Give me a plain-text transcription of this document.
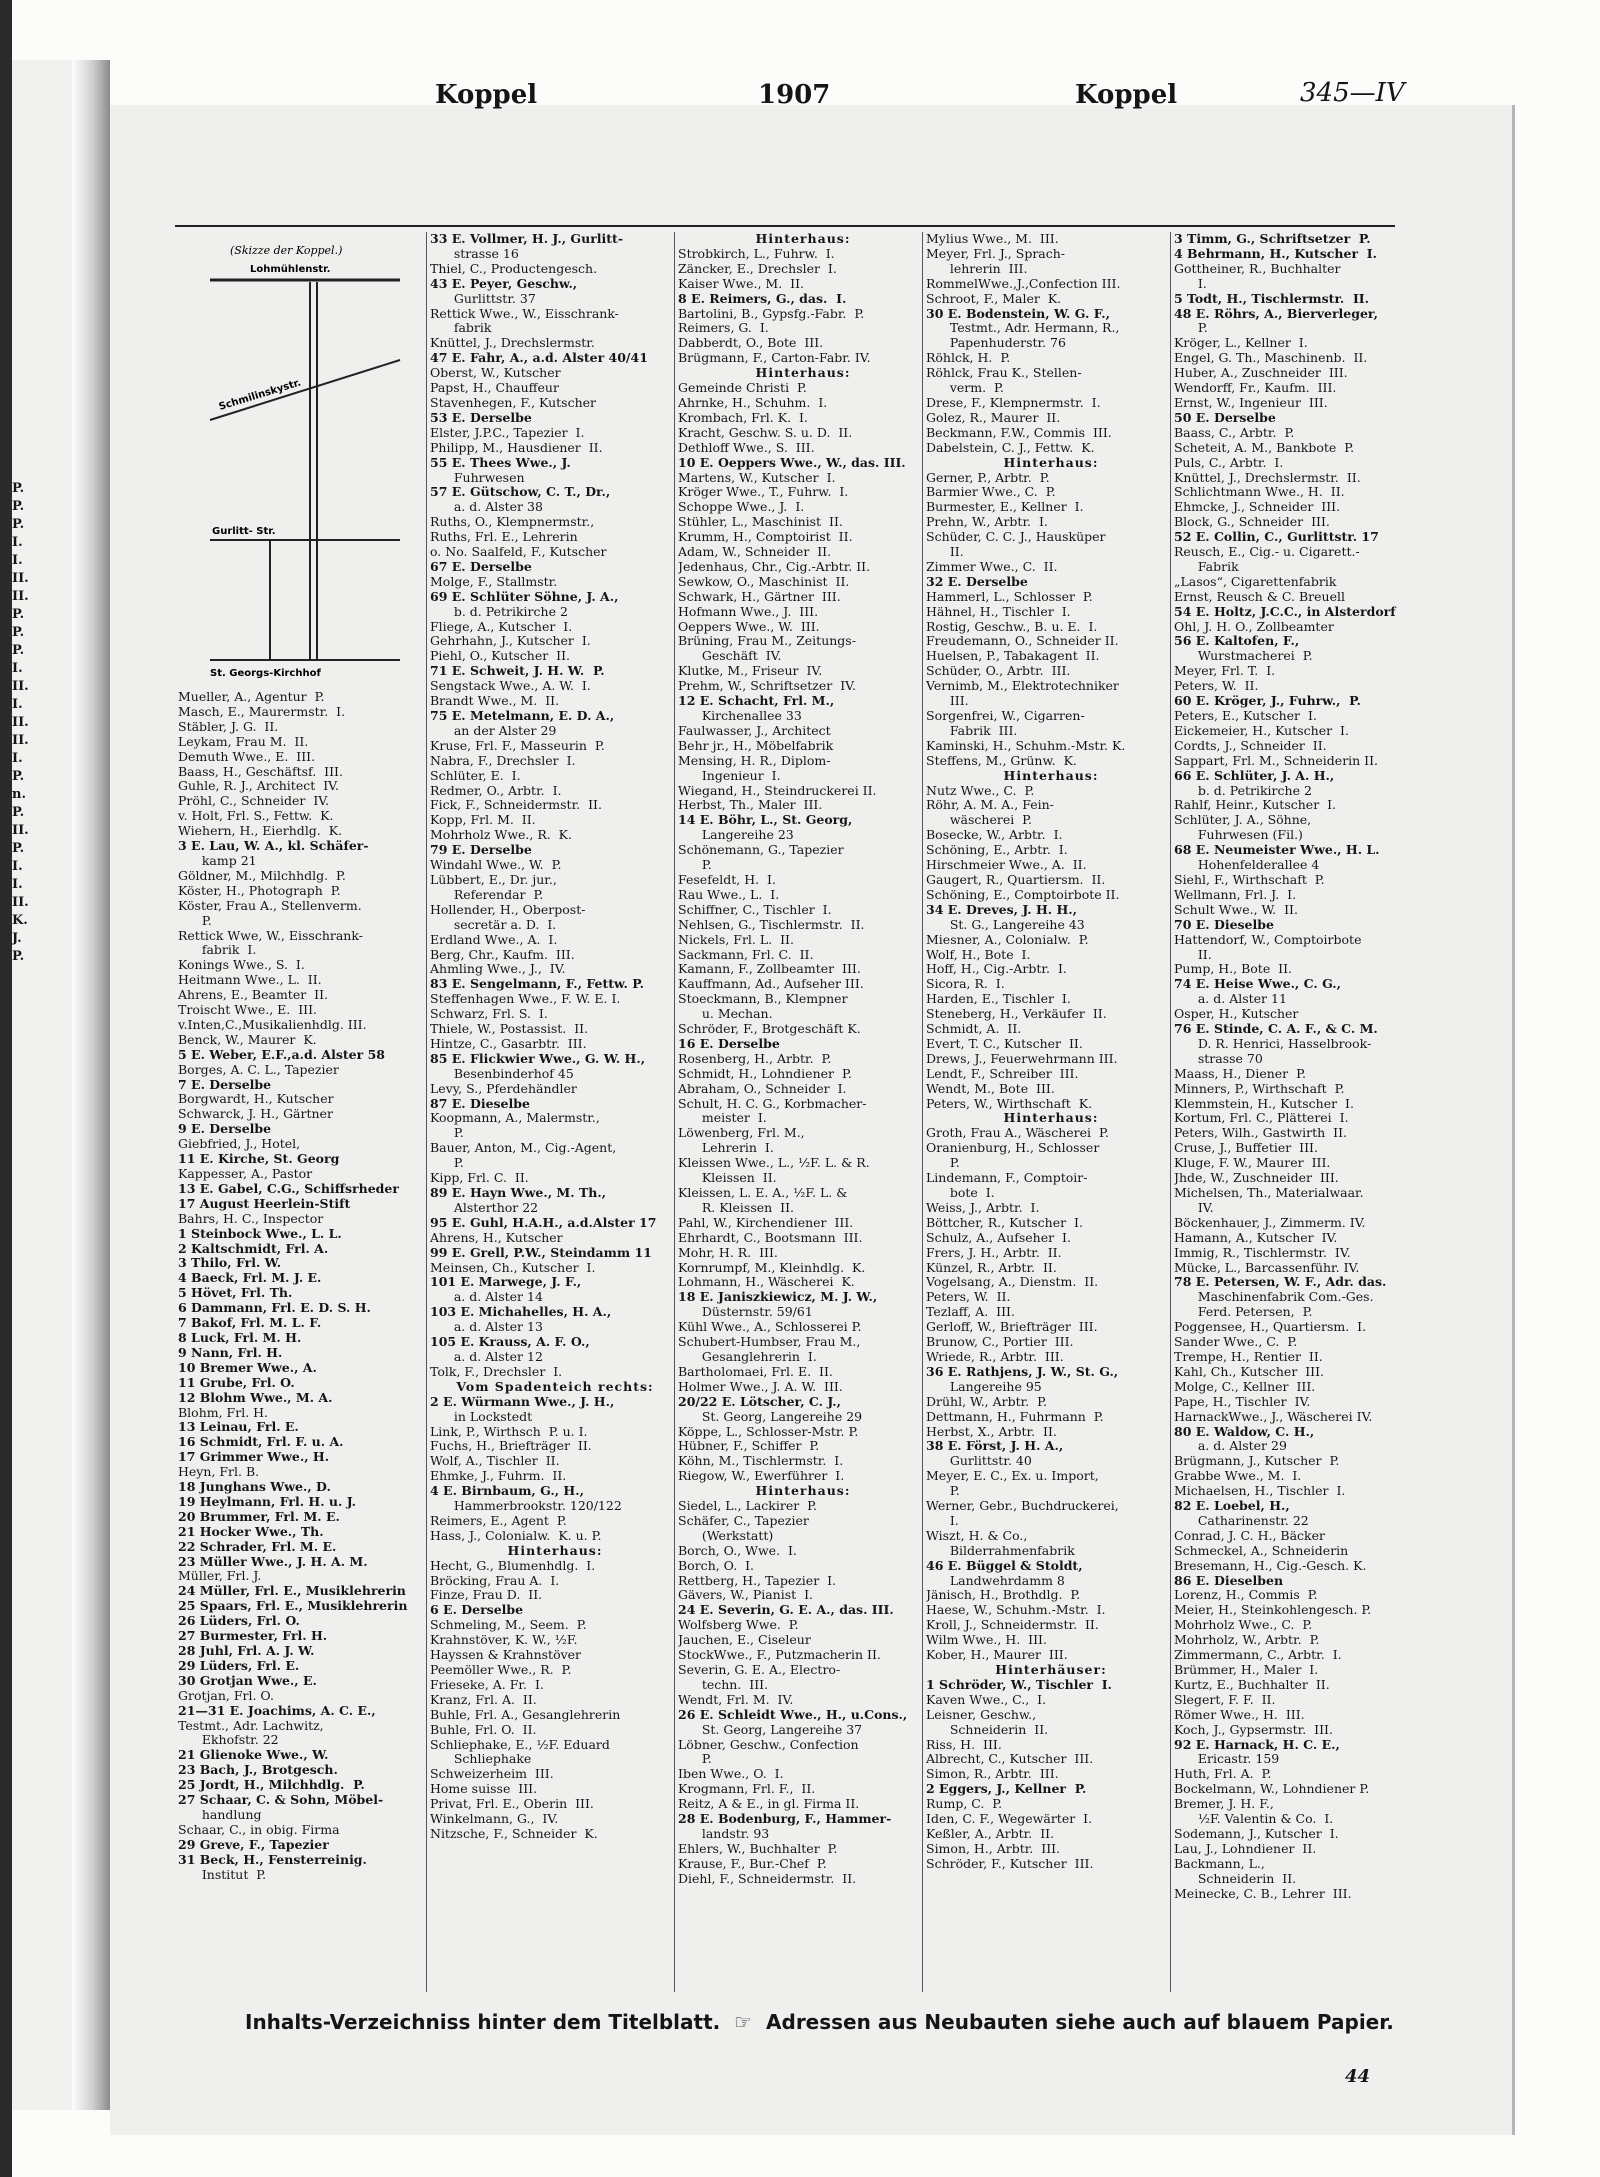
P.
P.
P.
I.
I.
II.
II.
P.
P.
P.
I.
II.
I.
II.
II.
I.
P.
n.
P.
II.
P.
I.
I.
II.
K.
J.
P.
Koppel	1907	Koppel	345—IV
(Skizze der Koppel.)
Lohmühlenstr.
Schmilinskystr.
Gurlitt- Str.
St. Georgs-Kirchhof
Mueller, A., Agentur  P.
Masch, E., Maurermstr.  I.
Stäbler, J. G.  II.
Leykam, Frau M.  II.
Demuth Wwe., E.  III.
Baass, H., Geschäftsf.  III.
Guhle, R. J., Architect  IV.
Pröhl, C., Schneider  IV.
v. Holt, Frl. S., Fettw.  K.
Wiehern, H., Eierhdlg.  K.
3 E. Lau, W. A., kl. Schäfer-
kamp 21
Göldner, M., Milchhdlg.  P.
Köster, H., Photograph  P.
Köster, Frau A., Stellenverm.
P.
Rettick Wwe, W., Eisschrank-
fabrik  I.
Konings Wwe., S.  I.
Heitmann Wwe., L.  II.
Ahrens, E., Beamter  II.
Troischt Wwe., E.  III.
v.Inten,C.,Musikalienhdlg. III.
Benck, W., Maurer  K.
5 E. Weber, E.F.,a.d. Alster 58
Borges, A. C. L., Tapezier
7 E. Derselbe
Borgwardt, H., Kutscher
Schwarck, J. H., Gärtner
9 E. Derselbe
Giebfried, J., Hotel,
11 E. Kirche, St. Georg
Kappesser, A., Pastor
13 E. Gabel, C.G., Schiffsrheder
17 August Heerlein-Stift
Bahrs, H. C., Inspector
1 Steinbock Wwe., L. L.
2 Kaltschmidt, Frl. A.
3 Thilo, Frl. W.
4 Baeck, Frl. M. J. E.
5 Hövet, Frl. Th.
6 Dammann, Frl. E. D. S. H.
7 Bakof, Frl. M. L. F.
8 Luck, Frl. M. H.
9 Nann, Frl. H.
10 Bremer Wwe., A.
11 Grube, Frl. O.
12 Blohm Wwe., M. A.
Blohm, Frl. H.
13 Leinau, Frl. E.
16 Schmidt, Frl. F. u. A.
17 Grimmer Wwe., H.
Heyn, Frl. B.
18 Junghans Wwe., D.
19 Heylmann, Frl. H. u. J.
20 Brummer, Frl. M. E.
21 Hocker Wwe., Th.
22 Schrader, Frl. M. E.
23 Müller Wwe., J. H. A. M.
Müller, Frl. J.
24 Müller, Frl. E., Musiklehrerin
25 Spaars, Frl. E., Musiklehrerin
26 Lüders, Frl. O.
27 Burmester, Frl. H.
28 Juhl, Frl. A. J. W.
29 Lüders, Frl. E.
30 Grotjan Wwe., E.
Grotjan, Frl. O.
21—31 E. Joachims, A. C. E.,
Testmt., Adr. Lachwitz,
Ekhofstr. 22
21 Glienoke Wwe., W.
23 Bach, J., Brotgesch.
25 Jordt, H., Milchhdlg.  P.
27 Schaar, C. & Sohn, Möbel-
handlung
Schaar, C., in obig. Firma
29 Greve, F., Tapezier
31 Beck, H., Fensterreinig.
Institut  P.
33 E. Vollmer, H. J., Gurlitt-
strasse 16
Thiel, C., Productengesch.
43 E. Peyer, Geschw.,
Gurlittstr. 37
Rettick Wwe., W., Eisschrank-
fabrik
Knüttel, J., Drechslermstr.
47 E. Fahr, A., a.d. Alster 40/41
Oberst, W., Kutscher
Papst, H., Chauffeur
Stavenhegen, F., Kutscher
53 E. Derselbe
Elster, J.P.C., Tapezier  I.
Philipp, M., Hausdiener  II.
55 E. Thees Wwe., J.
Fuhrwesen
57 E. Gütschow, C. T., Dr.,
a. d. Alster 38
Ruths, O., Klempnermstr.,
Ruths, Frl. E., Lehrerin
o. No. Saalfeld, F., Kutscher
67 E. Derselbe
Molge, F., Stallmstr.
69 E. Schlüter Söhne, J. A.,
b. d. Petrikirche 2
Fliege, A., Kutscher  I.
Gehrhahn, J., Kutscher  I.
Piehl, O., Kutscher  II.
71 E. Schweit, J. H. W.  P.
Sengstack Wwe., A. W.  I.
Brandt Wwe., M.  II.
75 E. Metelmann, E. D. A.,
an der Alster 29
Kruse, Frl. F., Masseurin  P.
Nabra, F., Drechsler  I.
Schlüter, E.  I.
Redmer, O., Arbtr.  I.
Fick, F., Schneidermstr.  II.
Kopp, Frl. M.  II.
Mohrholz Wwe., R.  K.
79 E. Derselbe
Windahl Wwe., W.  P.
Lübbert, E., Dr. jur.,
Referendar  P.
Hollender, H., Oberpost-
secretär a. D.  I.
Erdland Wwe., A.  I.
Berg, Chr., Kaufm.  III.
Ahmling Wwe., J.,  IV.
83 E. Sengelmann, F., Fettw. P.
Steffenhagen Wwe., F. W. E. I.
Schwarz, Frl. S.  I.
Thiele, W., Postassist.  II.
Hintze, C., Gasarbtr.  III.
85 E. Flickwier Wwe., G. W. H.,
Besenbinderhof 45
Levy, S., Pferdehändler
87 E. Dieselbe
Koopmann, A., Malermstr.,
P.
Bauer, Anton, M., Cig.-Agent,
P.
Kipp, Frl. C.  II.
89 E. Hayn Wwe., M. Th.,
Alsterthor 22
95 E. Guhl, H.A.H., a.d.Alster 17
Ahrens, H., Kutscher
99 E. Grell, P.W., Steindamm 11
Meinsen, Ch., Kutscher  I.
101 E. Marwege, J. F.,
a. d. Alster 14
103 E. Michahelles, H. A.,
a. d. Alster 13
105 E. Krauss, A. F. O.,
a. d. Alster 12
Tolk, F., Drechsler  I.
Vom Spadenteich rechts:
2 E. Würmann Wwe., J. H.,
in Lockstedt
Link, P., Wirthsch  P. u. I.
Fuchs, H., Briefträger  II.
Wolf, A., Tischler  II.
Ehmke, J., Fuhrm.  II.
4 E. Birnbaum, G., H.,
Hammerbrookstr. 120/122
Reimers, E., Agent  P.
Hass, J., Colonialw.  K. u. P.
Hinterhaus:
Hecht, G., Blumenhdlg.  I.
Bröcking, Frau A.  I.
Finze, Frau D.  II.
6 E. Derselbe
Schmeling, M., Seem.  P.
Krahnstöver, K. W., ½F.
Hayssen & Krahnstöver
Peemöller Wwe., R.  P.
Frieseke, A. Fr.  I.
Kranz, Frl. A.  II.
Buhle, Frl. A., Gesanglehrerin
Buhle, Frl. O.  II.
Schliephake, E., ½F. Eduard
Schliephake
Schweizerheim  III.
Home suisse  III.
Privat, Frl. E., Oberin  III.
Winkelmann, G.,  IV.
Nitzsche, F., Schneider  K.
Hinterhaus:
Strobkirch, L., Fuhrw.  I.
Zäncker, E., Drechsler  I.
Kaiser Wwe., M.  II.
8 E. Reimers, G., das.  I.
Bartolini, B., Gypsfg.-Fabr.  P.
Reimers, G.  I.
Dabberdt, O., Bote  III.
Brügmann, F., Carton-Fabr. IV.
Hinterhaus:
Gemeinde Christi  P.
Ahrnke, H., Schuhm.  I.
Krombach, Frl. K.  I.
Kracht, Geschw. S. u. D.  II.
Dethloff Wwe., S.  III.
10 E. Oeppers Wwe., W., das. III.
Martens, W., Kutscher  I.
Kröger Wwe., T., Fuhrw.  I.
Schoppe Wwe., J.  I.
Stühler, L., Maschinist  II.
Krumm, H., Comptoirist  II.
Adam, W., Schneider  II.
Jedenhaus, Chr., Cig.-Arbtr. II.
Sewkow, O., Maschinist  II.
Schwark, H., Gärtner  III.
Hofmann Wwe., J.  III.
Oeppers Wwe., W.  III.
Brüning, Frau M., Zeitungs-
Geschäft  IV.
Klutke, M., Friseur  IV.
Prehm, W., Schriftsetzer  IV.
12 E. Schacht, Frl. M.,
Kirchenallee 33
Faulwasser, J., Architect
Behr jr., H., Möbelfabrik
Mensing, H. R., Diplom-
Ingenieur  I.
Wiegand, H., Steindruckerei II.
Herbst, Th., Maler  III.
14 E. Böhr, L., St. Georg,
Langereihe 23
Schönemann, G., Tapezier
P.
Fesefeldt, H.  I.
Rau Wwe., L.  I.
Schiffner, C., Tischler  I.
Nehlsen, G., Tischlermstr.  II.
Nickels, Frl. L.  II.
Sackmann, Frl. C.  II.
Kamann, F., Zollbeamter  III.
Kauffmann, Ad., Aufseher III.
Stoeckmann, B., Klempner
u. Mechan.
Schröder, F., Brotgeschäft K.
16 E. Derselbe
Rosenberg, H., Arbtr.  P.
Schmidt, H., Lohndiener  P.
Abraham, O., Schneider  I.
Schult, H. C. G., Korbmacher-
meister  I.
Löwenberg, Frl. M.,
Lehrerin  I.
Kleissen Wwe., L., ½F. L. & R.
Kleissen  II.
Kleissen, L. E. A., ½F. L. &
R. Kleissen  II.
Pahl, W., Kirchendiener  III.
Ehrhardt, C., Bootsmann  III.
Mohr, H. R.  III.
Kornrumpf, M., Kleinhdlg.  K.
Lohmann, H., Wäscherei  K.
18 E. Janiszkiewicz, M. J. W.,
Düsternstr. 59/61
Kühl Wwe., A., Schlosserei P.
Schubert-Humbser, Frau M.,
Gesanglehrerin  I.
Bartholomaei, Frl. E.  II.
Holmer Wwe., J. A. W.  III.
20/22 E. Lötscher, C. J.,
St. Georg, Langereihe 29
Köppe, L., Schlosser-Mstr. P.
Hübner, F., Schiffer  P.
Köhn, M., Tischlermstr.  I.
Riegow, W., Ewerführer  I.
Hinterhaus:
Siedel, L., Lackirer  P.
Schäfer, C., Tapezier
(Werkstatt)
Borch, O., Wwe.  I.
Borch, O.  I.
Rettberg, H., Tapezier  I.
Gävers, W., Pianist  I.
24 E. Severin, G. E. A., das. III.
Wolfsberg Wwe.  P.
Jauchen, E., Ciseleur
StockWwe., F., Putzmacherin II.
Severin, G. E. A., Electro-
techn.  III.
Wendt, Frl. M.  IV.
26 E. Schleidt Wwe., H., u.Cons.,
St. Georg, Langereihe 37
Löbner, Geschw., Confection
P.
Iben Wwe., O.  I.
Krogmann, Frl. F.,  II.
Reitz, A & E., in gl. Firma II.
28 E. Bodenburg, F., Hammer-
landstr. 93
Ehlers, W., Buchhalter  P.
Krause, F., Bur.-Chef  P.
Diehl, F., Schneidermstr.  II.
Mylius Wwe., M.  III.
Meyer, Frl. J., Sprach-
lehrerin  III.
RommelWwe.,J.,Confection III.
Schroot, F., Maler  K.
30 E. Bodenstein, W. G. F.,
Testmt., Adr. Hermann, R.,
Papenhuderstr. 76
Röhlck, H.  P.
Röhlck, Frau K., Stellen-
verm.  P.
Drese, F., Klempnermstr.  I.
Golez, R., Maurer  II.
Beckmann, F.W., Commis  III.
Dabelstein, C. J., Fettw.  K.
Hinterhaus:
Gerner, P., Arbtr.  P.
Barmier Wwe., C.  P.
Burmester, E., Kellner  I.
Prehn, W., Arbtr.  I.
Schüder, C. C. J., Hausküper
II.
Zimmer Wwe., C.  II.
32 E. Derselbe
Hammerl, L., Schlosser  P.
Hähnel, H., Tischler  I.
Rostig, Geschw., B. u. E.  I.
Freudemann, O., Schneider II.
Huelsen, P., Tabakagent  II.
Schüder, O., Arbtr.  III.
Vernimb, M., Elektrotechniker
III.
Sorgenfrei, W., Cigarren-
Fabrik  III.
Kaminski, H., Schuhm.-Mstr. K.
Steffens, M., Grünw.  K.
Hinterhaus:
Nutz Wwe., C.  P.
Röhr, A. M. A., Fein-
wäscherei  P.
Bosecke, W., Arbtr.  I.
Schöning, E., Arbtr.  I.
Hirschmeier Wwe., A.  II.
Gaugert, R., Quartiersm.  II.
Schöning, E., Comptoirbote II.
34 E. Dreves, J. H. H.,
St. G., Langereihe 43
Miesner, A., Colonialw.  P.
Wolf, H., Bote  I.
Hoff, H., Cig.-Arbtr.  I.
Sicora, R.  I.
Harden, E., Tischler  I.
Steneberg, H., Verkäufer  II.
Schmidt, A.  II.
Evert, T. C., Kutscher  II.
Drews, J., Feuerwehrmann III.
Lendt, F., Schreiber  III.
Wendt, M., Bote  III.
Peters, W., Wirthschaft  K.
Hinterhaus:
Groth, Frau A., Wäscherei  P.
Oranienburg, H., Schlosser
P.
Lindemann, F., Comptoir-
bote  I.
Weiss, J., Arbtr.  I.
Böttcher, R., Kutscher  I.
Schulz, A., Aufseher  I.
Frers, J. H., Arbtr.  II.
Künzel, R., Arbtr.  II.
Vogelsang, A., Dienstm.  II.
Peters, W.  II.
Tezlaff, A.  III.
Gerloff, W., Briefträger  III.
Brunow, C., Portier  III.
Wriede, R., Arbtr.  III.
36 E. Rathjens, J. W., St. G.,
Langereihe 95
Drühl, W., Arbtr.  P.
Dettmann, H., Fuhrmann  P.
Herbst, X., Arbtr.  II.
38 E. Först, J. H. A.,
Gurlittstr. 40
Meyer, E. C., Ex. u. Import,
P.
Werner, Gebr., Buchdruckerei,
I.
Wiszt, H. & Co.,
Bilderrahmenfabrik
46 E. Büggel & Stoldt,
Landwehrdamm 8
Jänisch, H., Brothdlg.  P.
Haese, W., Schuhm.-Mstr.  I.
Kroll, J., Schneidermstr.  II.
Wilm Wwe., H.  III.
Kober, H., Maurer  III.
Hinterhäuser:
1 Schröder, W., Tischler  I.
Kaven Wwe., C.,  I.
Leisner, Geschw.,
Schneiderin  II.
Riss, H.  III.
Albrecht, C., Kutscher  III.
Simon, R., Arbtr.  III.
2 Eggers, J., Kellner  P.
Rump, C.  P.
Iden, C. F., Wegewärter  I.
Keßler, A., Arbtr.  II.
Simon, H., Arbtr.  III.
Schröder, F., Kutscher  III.
3 Timm, G., Schriftsetzer  P.
4 Behrmann, H., Kutscher  I.
Gottheiner, R., Buchhalter
I.
5 Todt, H., Tischlermstr.  II.
48 E. Röhrs, A., Bierverleger,
P.
Kröger, L., Kellner  I.
Engel, G. Th., Maschinenb.  II.
Huber, A., Zuschneider  III.
Wendorff, Fr., Kaufm.  III.
Ernst, W., Ingenieur  III.
50 E. Derselbe
Baass, C., Arbtr.  P.
Scheteit, A. M., Bankbote  P.
Puls, C., Arbtr.  I.
Knüttel, J., Drechslermstr.  II.
Schlichtmann Wwe., H.  II.
Ehmcke, J., Schneider  III.
Block, G., Schneider  III.
52 E. Collin, C., Gurlittstr. 17
Reusch, E., Cig.- u. Cigarett.-
Fabrik
„Lasos“, Cigarettenfabrik
Ernst, Reusch & C. Breuell
54 E. Holtz, J.C.C., in Alsterdorf
Ohl, J. H. O., Zollbeamter
56 E. Kaltofen, F.,
Wurstmacherei  P.
Meyer, Frl. T.  I.
Peters, W.  II.
60 E. Kröger, J., Fuhrw.,  P.
Peters, E., Kutscher  I.
Eickemeier, H., Kutscher  I.
Cordts, J., Schneider  II.
Sappart, Frl. M., Schneiderin II.
66 E. Schlüter, J. A. H.,
b. d. Petrikirche 2
Rahlf, Heinr., Kutscher  I.
Schlüter, J. A., Söhne,
Fuhrwesen (Fil.)
68 E. Neumeister Wwe., H. L.
Hohenfelderallee 4
Siehl, F., Wirthschaft  P.
Wellmann, Frl. J.  I.
Schult Wwe., W.  II.
70 E. Dieselbe
Hattendorf, W., Comptoirbote
II.
Pump, H., Bote  II.
74 E. Heise Wwe., C. G.,
a. d. Alster 11
Osper, H., Kutscher
76 E. Stinde, C. A. F., & C. M.
D. R. Henrici, Hasselbrook-
strasse 70
Maass, H., Diener  P.
Minners, P., Wirthschaft  P.
Klemmstein, H., Kutscher  I.
Kortum, Frl. C., Plätterei  I.
Peters, Wilh., Gastwirth  II.
Cruse, J., Buffetier  III.
Kluge, F. W., Maurer  III.
Jhde, W., Zuschneider  III.
Michelsen, Th., Materialwaar.
IV.
Böckenhauer, J., Zimmerm. IV.
Hamann, A., Kutscher  IV.
Immig, R., Tischlermstr.  IV.
Mücke, L., Barcassenführ. IV.
78 E. Petersen, W. F., Adr. das.
Maschinenfabrik Com.-Ges.
Ferd. Petersen,  P.
Poggensee, H., Quartiersm.  I.
Sander Wwe., C.  P.
Trempe, H., Rentier  II.
Kahl, Ch., Kutscher  III.
Molge, C., Kellner  III.
Pape, H., Tischler  IV.
HarnackWwe., J., Wäscherei IV.
80 E. Waldow, C. H.,
a. d. Alster 29
Brügmann, J., Kutscher  P.
Grabbe Wwe., M.  I.
Michaelsen, H., Tischler  I.
82 E. Loebel, H.,
Catharinenstr. 22
Conrad, J. C. H., Bäcker
Schmeckel, A., Schneiderin
Bresemann, H., Cig.-Gesch. K.
86 E. Dieselben
Lorenz, H., Commis  P.
Meier, H., Steinkohlengesch. P.
Mohrholz Wwe., C.  P.
Mohrholz, W., Arbtr.  P.
Zimmermann, C., Arbtr.  I.
Brümmer, H., Maler  I.
Kurtz, E., Buchhalter  II.
Slegert, F. F.  II.
Römer Wwe., H.  III.
Koch, J., Gypsermstr.  III.
92 E. Harnack, H. C. E.,
Ericastr. 159
Huth, Frl. A.  P.
Bockelmann, W., Lohndiener P.
Bremer, J. H. F.,
½F. Valentin & Co.  I.
Sodemann, J., Kutscher  I.
Lau, J., Lohndiener  II.
Backmann, L.,
Schneiderin  II.
Meinecke, C. B., Lehrer  III.
Inhalts-Verzeichniss hinter dem Titelblatt.  ☞  Adressen aus Neubauten siehe auch auf blauem Papier.
44
